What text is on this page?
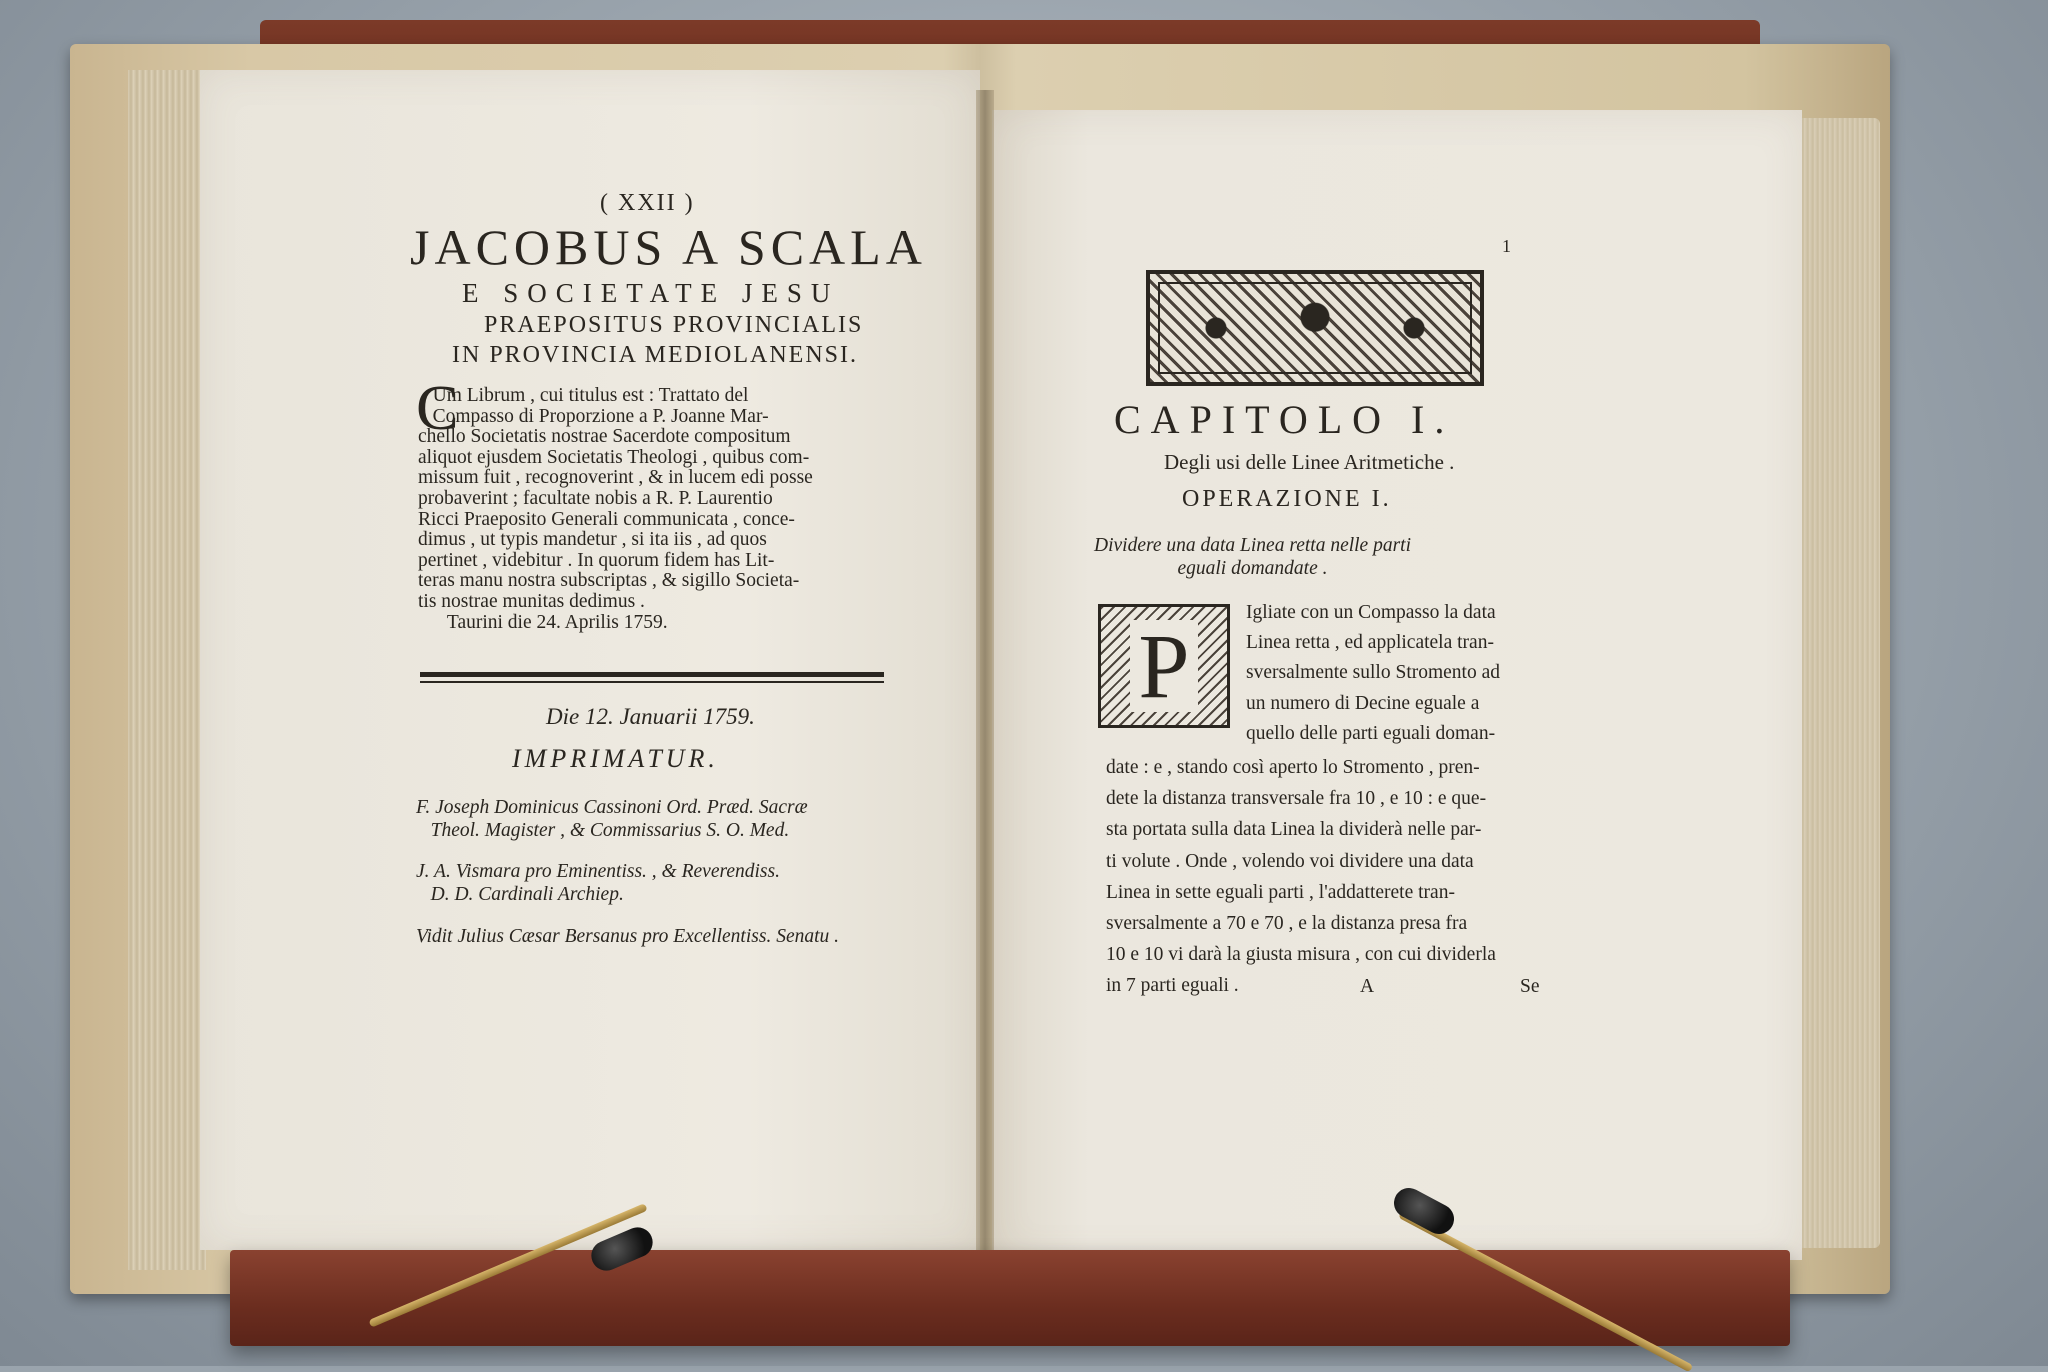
( XXII )
JACOBUS A SCALA
E SOCIETATE JESU
PRAEPOSITUS PROVINCIALIS
IN PROVINCIA MEDIOLANENSI.
C
Um Librum , cui titulus est : Trattato del
Compasso di Proporzione a P. Joanne Mar-
chello Societatis nostrae Sacerdote compositum
aliquot ejusdem Societatis Theologi , quibus com-
missum fuit , recognoverint , & in lucem edi posse
probaverint ; facultate nobis a R. P. Laurentio
Ricci Praeposito Generali communicata , conce-
dimus , ut typis mandetur , si ita iis , ad quos
pertinet , videbitur . In quorum fidem has Lit-
teras manu nostra subscriptas , & sigillo Societa-
tis nostrae munitas dedimus .
Taurini die 24. Aprilis 1759.
Die 12. Januarii 1759.
IMPRIMATUR.
F. Joseph Dominicus Cassinoni Ord. Præd. Sacræ
Theol. Magister , & Commissarius S. O. Med.
J. A. Vismara pro Eminentiss. , & Reverendiss.
D. D. Cardinali Archiep.
Vidit Julius Cæsar Bersanus pro Excellentiss. Senatu .
1
CAPITOLO I.
Degli usi delle Linee Aritmetiche .
OPERAZIONE I.
Dividere una data Linea retta nelle parti
eguali domandate .
P
Igliate con un Compasso la data
Linea retta , ed applicatela tran-
sversalmente sullo Stromento ad
un numero di Decine eguale a
quello delle parti eguali doman-
date : e , stando così aperto lo Stromento , pren-
dete la distanza transversale fra 10 , e 10 : e que-
sta portata sulla data Linea la dividerà nelle par-
ti volute . Onde , volendo voi dividere una data
Linea in sette eguali parti , l'addatterete tran-
sversalmente a 70 e 70 , e la distanza presa fra
10 e 10 vi darà la giusta misura , con cui dividerla
in 7 parti eguali .	A	Se
